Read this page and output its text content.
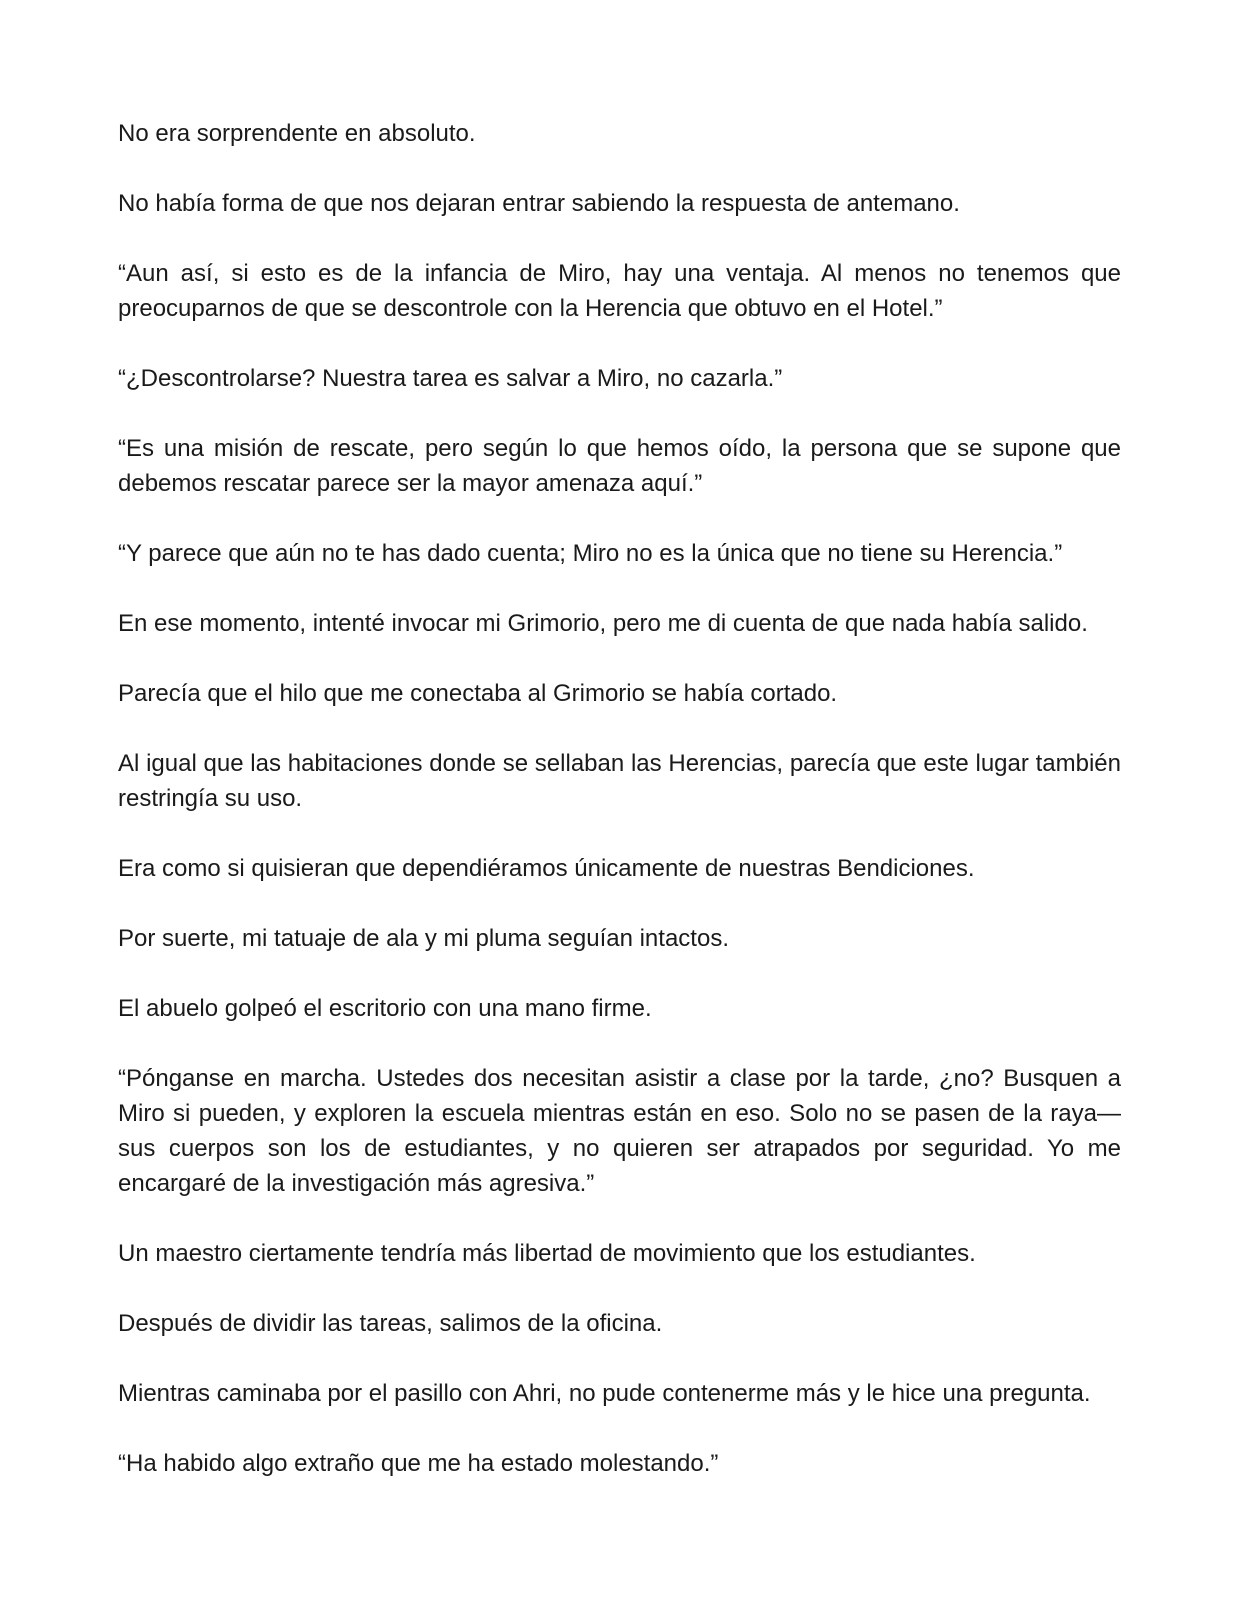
No era sorprendente en absoluto.

No había forma de que nos dejaran entrar sabiendo la respuesta de antemano.

“Aun así, si esto es de la infancia de Miro, hay una ventaja. Al menos no tenemos que preocuparnos de que se descontrole con la Herencia que obtuvo en el Hotel.”

“¿Descontrolarse? Nuestra tarea es salvar a Miro, no cazarla.”

“Es una misión de rescate, pero según lo que hemos oído, la persona que se supone que debemos rescatar parece ser la mayor amenaza aquí.”

“Y parece que aún no te has dado cuenta; Miro no es la única que no tiene su Herencia.”

En ese momento, intenté invocar mi Grimorio, pero me di cuenta de que nada había salido.

Parecía que el hilo que me conectaba al Grimorio se había cortado.

Al igual que las habitaciones donde se sellaban las Herencias, parecía que este lugar también restringía su uso.

Era como si quisieran que dependiéramos únicamente de nuestras Bendiciones.

Por suerte, mi tatuaje de ala y mi pluma seguían intactos.

El abuelo golpeó el escritorio con una mano firme.

“Pónganse en marcha. Ustedes dos necesitan asistir a clase por la tarde, ¿no? Busquen a Miro si pueden, y exploren la escuela mientras están en eso. Solo no se pasen de la raya—sus cuerpos son los de estudiantes, y no quieren ser atrapados por seguridad. Yo me encargaré de la investigación más agresiva.”

Un maestro ciertamente tendría más libertad de movimiento que los estudiantes.

Después de dividir las tareas, salimos de la oficina.

Mientras caminaba por el pasillo con Ahri, no pude contenerme más y le hice una pregunta.

“Ha habido algo extraño que me ha estado molestando.”
